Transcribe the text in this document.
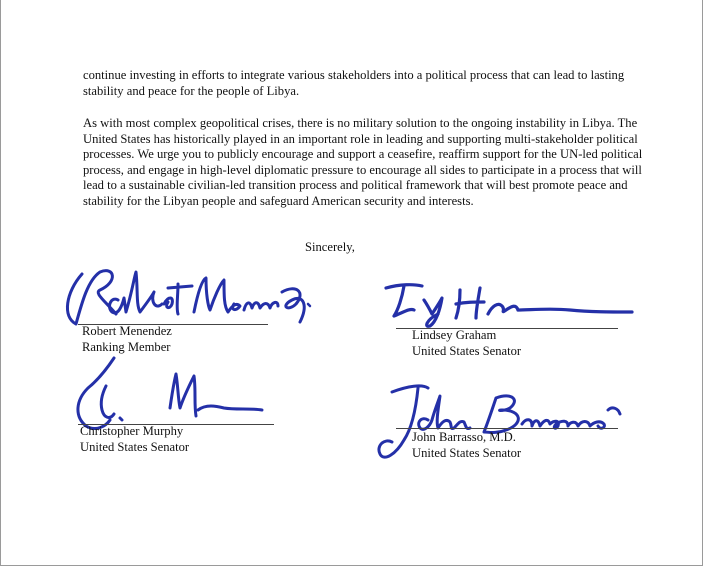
continue investing in efforts to integrate various stakeholders into a political process that can lead to lasting stability and peace for the people of Libya.

As with most complex geopolitical crises, there is no military solution to the ongoing instability in Libya. The United States has historically played in an important role in leading and supporting multi-stakeholder political processes. We urge you to publicly encourage and support a ceasefire, reaffirm support for the UN-led political process, and engage in high-level diplomatic pressure to encourage all sides to participate in a process that will lead to a sustainable civilian-led transition process and political framework that will best promote peace and stability for the Libyan people and safeguard American security and interests.

Sincerely,
Robert Menendez
Ranking Member
Lindsey Graham
United States Senator
Christopher Murphy
United States Senator
John Barrasso, M.D.
United States Senator
